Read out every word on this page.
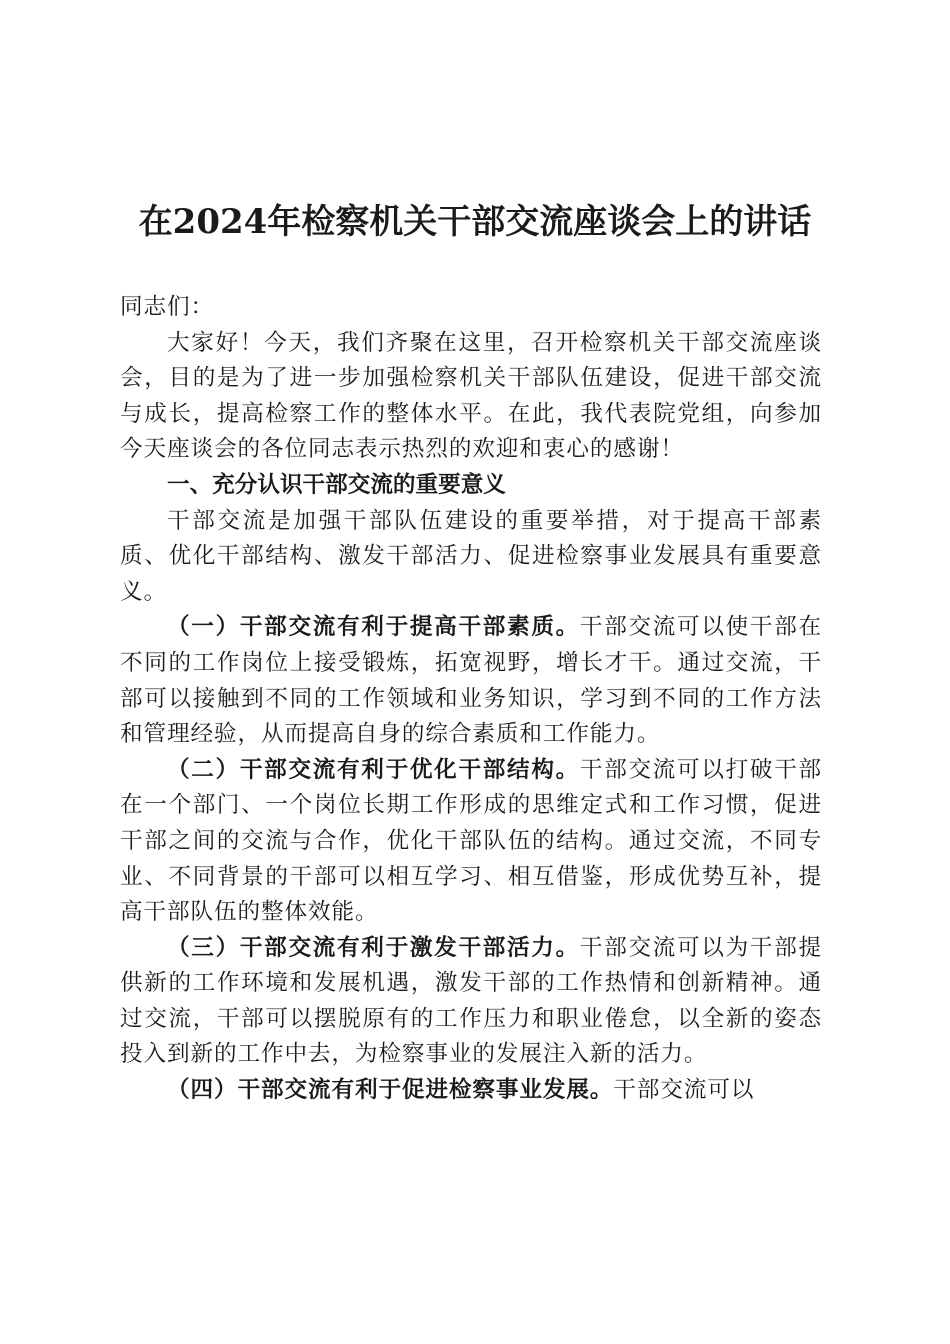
在2024年检察机关干部交流座谈会上的讲话

同志们：

大家好！今天，我们齐聚在这里，召开检察机关干部交流座谈会，目的是为了进一步加强检察机关干部队伍建设，促进干部交流与成长，提高检察工作的整体水平。在此，我代表院党组，向参加今天座谈会的各位同志表示热烈的欢迎和衷心的感谢！

一、充分认识干部交流的重要意义

干部交流是加强干部队伍建设的重要举措，对于提高干部素质、优化干部结构、激发干部活力、促进检察事业发展具有重要意义。

（一）干部交流有利于提高干部素质。干部交流可以使干部在不同的工作岗位上接受锻炼，拓宽视野，增长才干。通过交流，干部可以接触到不同的工作领域和业务知识，学习到不同的工作方法和管理经验，从而提高自身的综合素质和工作能力。

（二）干部交流有利于优化干部结构。干部交流可以打破干部在一个部门、一个岗位长期工作形成的思维定式和工作习惯，促进干部之间的交流与合作，优化干部队伍的结构。通过交流，不同专业、不同背景的干部可以相互学习、相互借鉴，形成优势互补，提高干部队伍的整体效能。

（三）干部交流有利于激发干部活力。干部交流可以为干部提供新的工作环境和发展机遇，激发干部的工作热情和创新精神。通过交流，干部可以摆脱原有的工作压力和职业倦怠，以全新的姿态投入到新的工作中去，为检察事业的发展注入新的活力。

（四）干部交流有利于促进检察事业发展。干部交流可以
